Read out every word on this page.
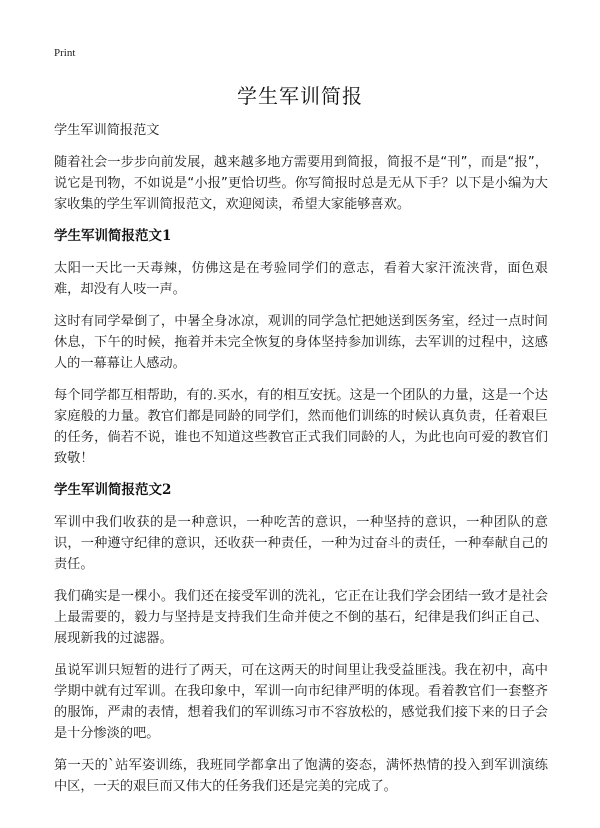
Print
学生军训简报

学生军训简报范文

随着社会一步步向前发展，越来越多地方需要用到简报，简报不是“刊”，而是“报”，说它是刊物，不如说是“小报”更恰切些。你写简报时总是无从下手？以下是小编为大家收集的学生军训简报范文，欢迎阅读，希望大家能够喜欢。

学生军训简报范文1

太阳一天比一天毒辣，仿佛这是在考验同学们的意志，看着大家汗流浃背，面色艰难，却没有人吱一声。

这时有同学晕倒了，中暑全身冰凉，观训的同学急忙把她送到医务室，经过一点时间休息，下午的时候，拖着并未完全恢复的身体坚持参加训练，去军训的过程中，这感人的一幕幕让人感动。

每个同学都互相帮助，有的.买水，有的相互安抚。这是一个团队的力量，这是一个达家庭般的力量。教官们都是同龄的同学们，然而他们训练的时候认真负责，任着艰巨的任务，倘若不说，谁也不知道这些教官正式我们同龄的人，为此也向可爱的教官们致敬！

学生军训简报范文2

军训中我们收获的是一种意识，一种吃苦的意识，一种坚持的意识，一种团队的意识，一种遵守纪律的意识，还收获一种责任，一种为过奋斗的责任，一种奉献自己的责任。

我们确实是一棵小。我们还在接受军训的洗礼，它正在让我们学会团结一致才是社会上最需要的，毅力与坚持是支持我们生命并使之不倒的基石，纪律是我们纠正自己、展现新我的过滤器。

虽说军训只短暂的进行了两天，可在这两天的时间里让我受益匪浅。我在初中，高中学期中就有过军训。在我印象中，军训一向市纪律严明的体现。看着教官们一套整齐的服饰，严肃的表情，想着我们的军训练习市不容放松的，感觉我们接下来的日子会是十分惨淡的吧。

第一天的`站军姿训练，我班同学都拿出了饱满的姿态，满怀热情的投入到军训演练中区，一天的艰巨而又伟大的任务我们还是完美的完成了。
